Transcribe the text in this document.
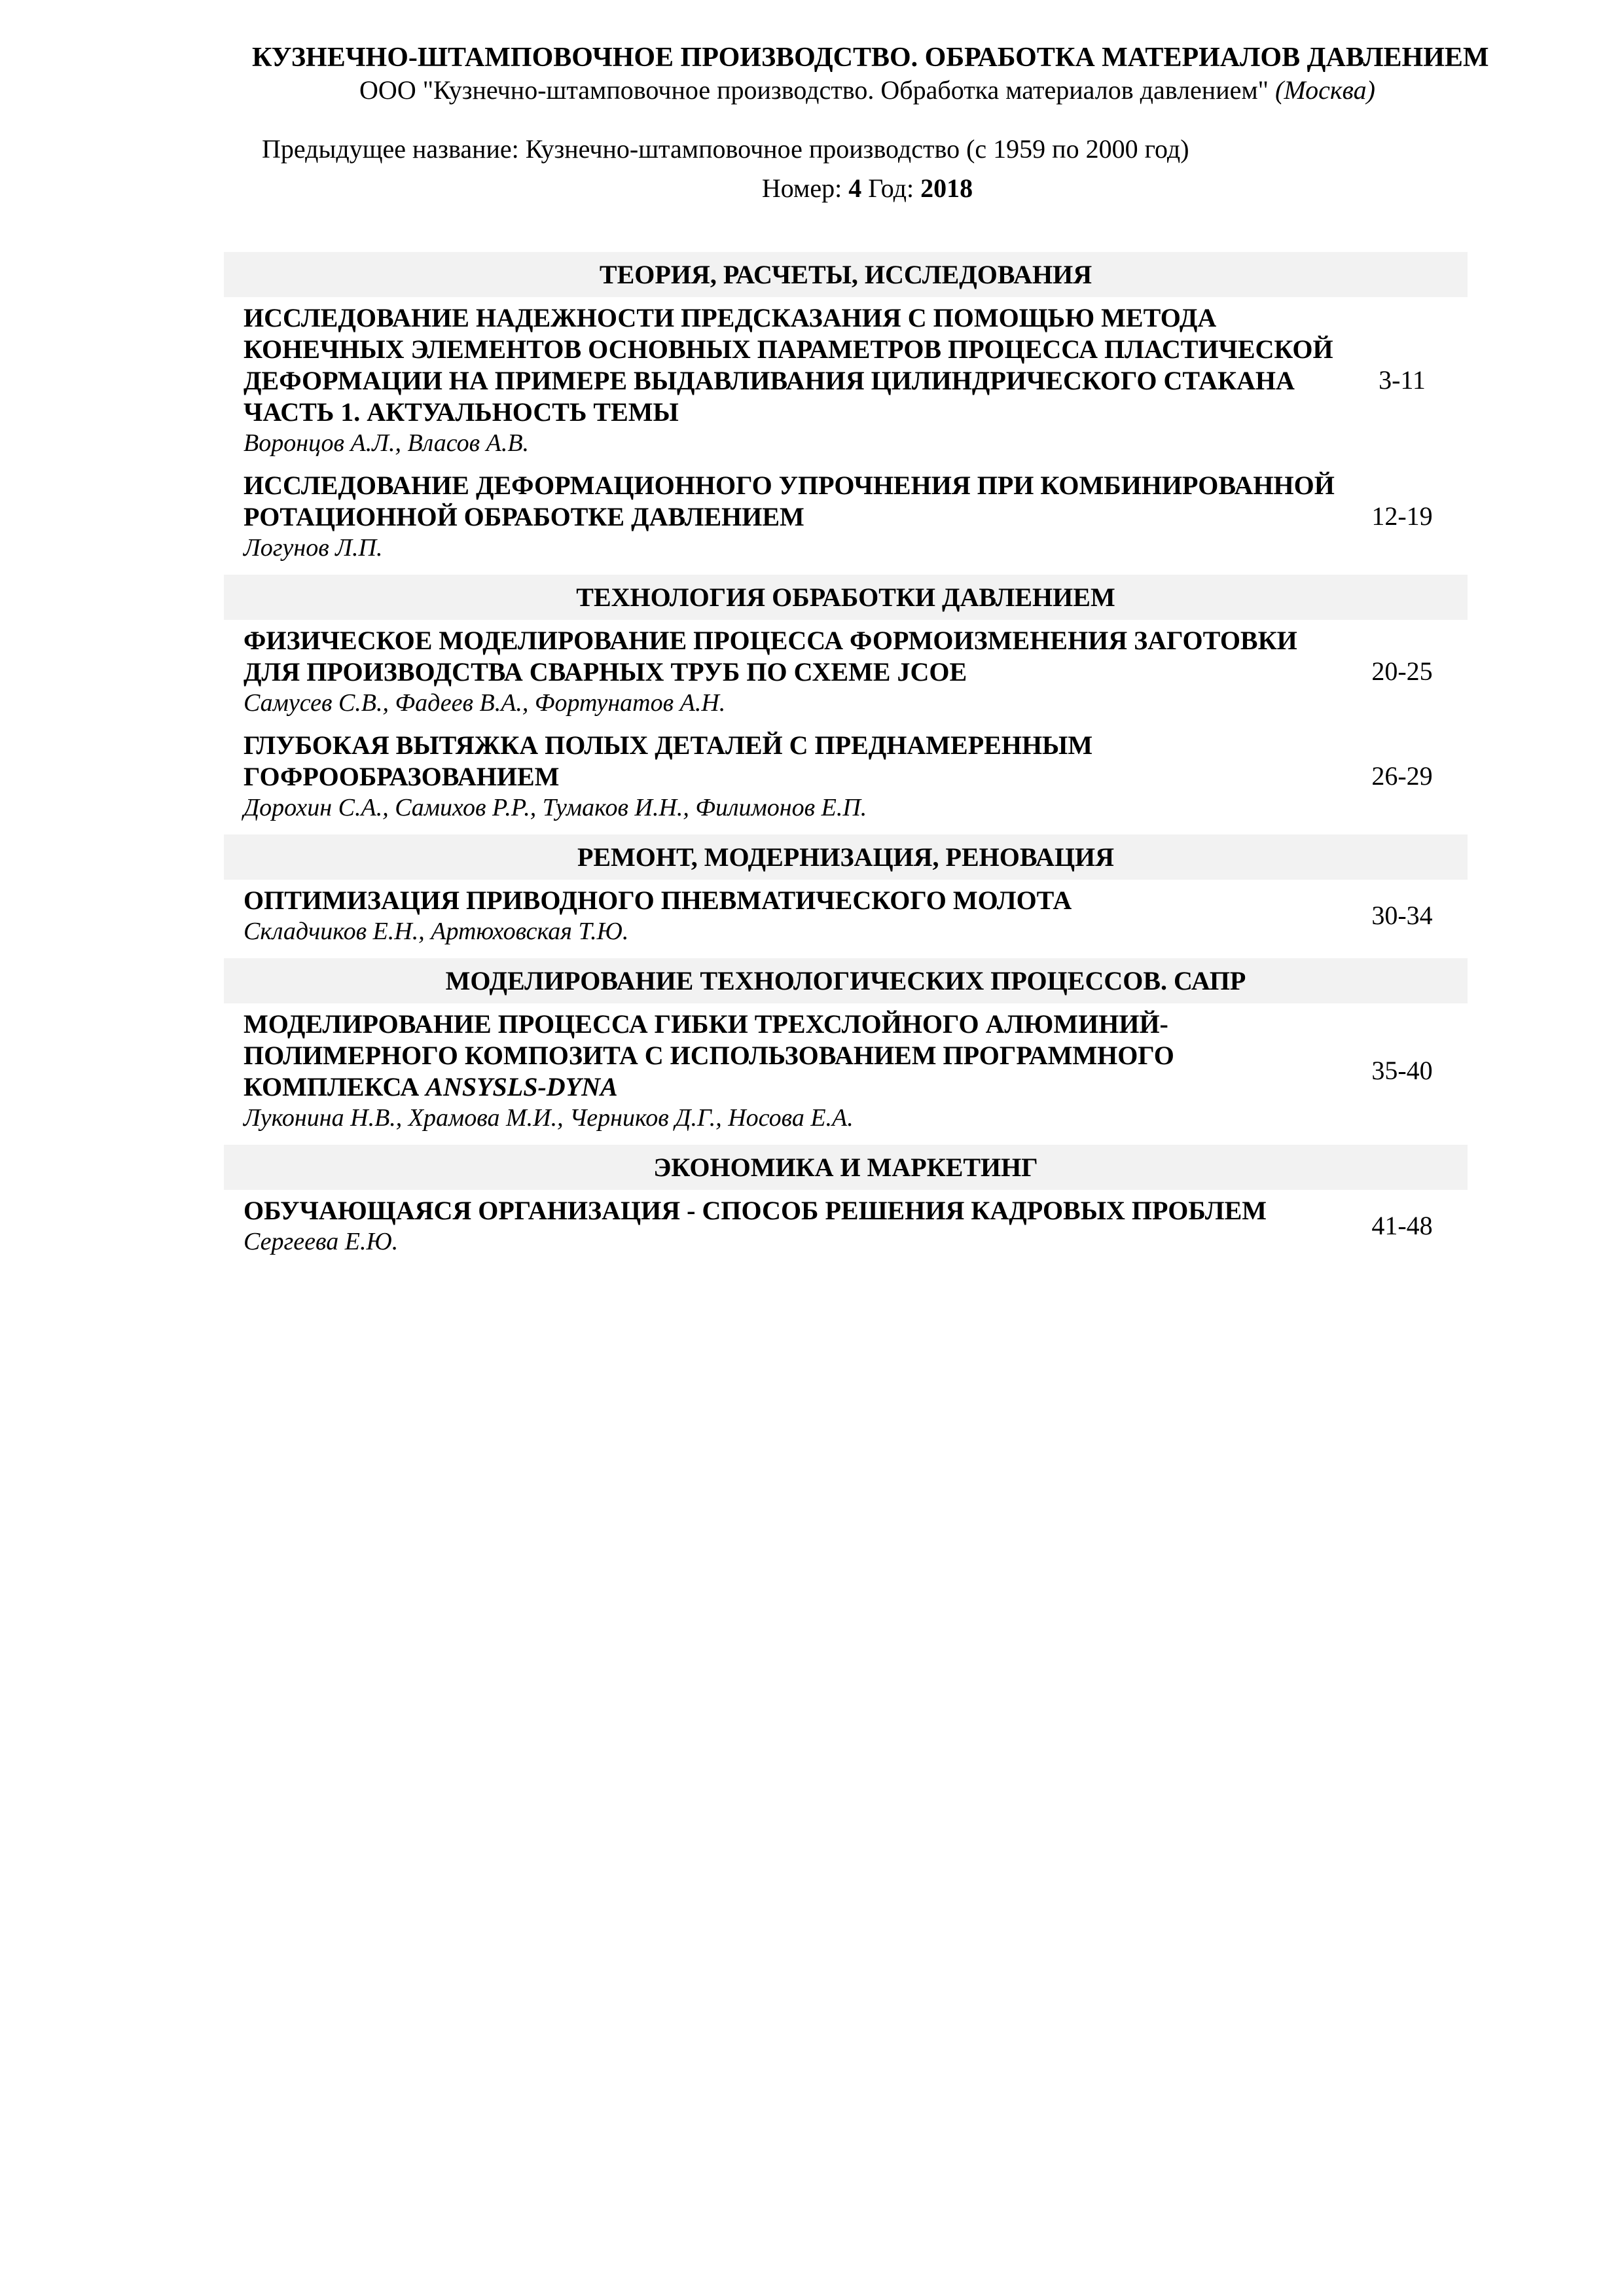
КУЗНЕЧНО-ШТАМПОВОЧНОЕ ПРОИЗВОДСТВО. ОБРАБОТКА МАТЕРИАЛОВ ДАВЛЕНИЕМ
ООО "Кузнечно-штамповочное производство. Обработка материалов давлением" (Москва)
Предыдущее название: Кузнечно-штамповочное производство (с 1959 по 2000 год)
Номер: 4 Год: 2018
ТЕОРИЯ, РАСЧЕТЫ, ИССЛЕДОВАНИЯ
ИССЛЕДОВАНИЕ НАДЕЖНОСТИ ПРЕДСКАЗАНИЯ С ПОМОЩЬЮ МЕТОДА КОНЕЧНЫХ ЭЛЕМЕНТОВ ОСНОВНЫХ ПАРАМЕТРОВ ПРОЦЕССА ПЛАСТИЧЕСКОЙ ДЕФОРМАЦИИ НА ПРИМЕРЕ ВЫДАВЛИВАНИЯ ЦИЛИНДРИЧЕСКОГО СТАКАНА ЧАСТЬ 1. АКТУАЛЬНОСТЬ ТЕМЫ
Воронцов А.Л., Власов А.В.
3-11
ИССЛЕДОВАНИЕ ДЕФОРМАЦИОННОГО УПРОЧНЕНИЯ ПРИ КОМБИНИРОВАННОЙ РОТАЦИОННОЙ ОБРАБОТКЕ ДАВЛЕНИЕМ
Логунов Л.П.
12-19
ТЕХНОЛОГИЯ ОБРАБОТКИ ДАВЛЕНИЕМ
ФИЗИЧЕСКОЕ МОДЕЛИРОВАНИЕ ПРОЦЕССА ФОРМОИЗМЕНЕНИЯ ЗАГОТОВКИ ДЛЯ ПРОИЗВОДСТВА СВАРНЫХ ТРУБ ПО СХЕМЕ JCOE
Самусев С.В., Фадеев В.А., Фортунатов А.Н.
20-25
ГЛУБОКАЯ ВЫТЯЖКА ПОЛЫХ ДЕТАЛЕЙ С ПРЕДНАМЕРЕННЫМ ГОФРООБРАЗОВАНИЕМ
Дорохин С.А., Самихов Р.Р., Тумаков И.Н., Филимонов Е.П.
26-29
РЕМОНТ, МОДЕРНИЗАЦИЯ, РЕНОВАЦИЯ
ОПТИМИЗАЦИЯ ПРИВОДНОГО ПНЕВМАТИЧЕСКОГО МОЛОТА
Складчиков Е.Н., Артюховская Т.Ю.
30-34
МОДЕЛИРОВАНИЕ ТЕХНОЛОГИЧЕСКИХ ПРОЦЕССОВ. САПР
МОДЕЛИРОВАНИЕ ПРОЦЕССА ГИБКИ ТРЕХСЛОЙНОГО АЛЮМИНИЙ-ПОЛИМЕРНОГО КОМПОЗИТА С ИСПОЛЬЗОВАНИЕМ ПРОГРАММНОГО КОМПЛЕКСА ANSYSLS-DYNA
Луконина Н.В., Храмова М.И., Черников Д.Г., Носова Е.А.
35-40
ЭКОНОМИКА И МАРКЕТИНГ
ОБУЧАЮЩАЯСЯ ОРГАНИЗАЦИЯ - СПОСОБ РЕШЕНИЯ КАДРОВЫХ ПРОБЛЕМ
Сергеева Е.Ю.
41-48
